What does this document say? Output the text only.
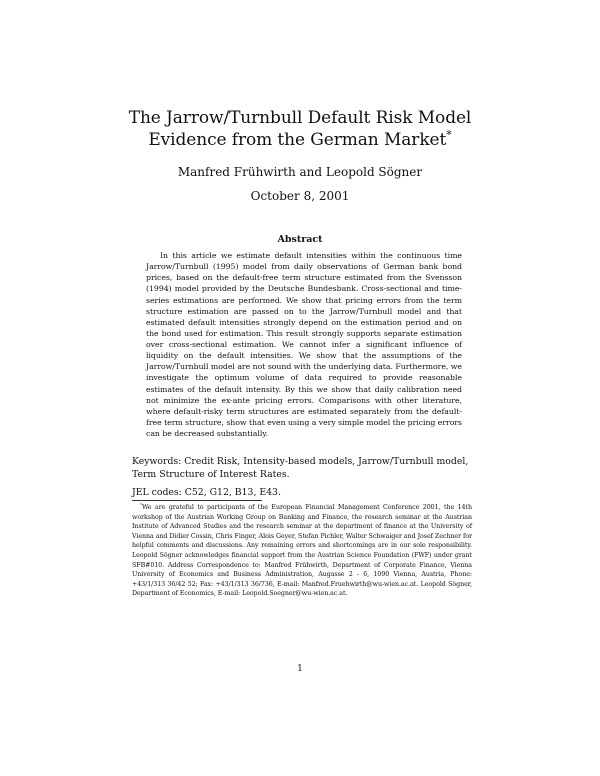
The Jarrow/Turnbull Default Risk Model
Evidence from the German Market*
Manfred Frühwirth and Leopold Sögner
October 8, 2001
Abstract

In this article we estimate default intensities within the continuous time Jarrow/Turnbull (1995) model from daily observations of German bank bond prices, based on the default-free term structure estimated from the Svensson (1994) model provided by the Deutsche Bundesbank. Cross-sectional and time-series estimations are performed. We show that pricing errors from the term structure estimation are passed on to the Jarrow/Turnbull model and that estimated default intensities strongly depend on the estimation period and on the bond used for estimation. This result strongly supports separate estimation over cross-sectional estimation. We cannot infer a significant influence of liquidity on the default intensities. We show that the assumptions of the Jarrow/Turnbull model are not sound with the underlying data. Furthermore, we investigate the optimum volume of data required to provide reasonable estimates of the default intensity. By this we show that daily calibration need not minimize the ex-ante pricing errors. Comparisons with other literature, where default-risky term structures are estimated separately from the default-free term structure, show that even using a very simple model the pricing errors can be decreased substantially.

Keywords: Credit Risk, Intensity-based models, Jarrow/Turnbull model, Term Structure of Interest Rates.

JEL codes: C52, G12, B13, E43.

*We are grateful to participants of the European Financial Management Conference 2001, the 14th workshop of the Austrian Working Group on Banking and Finance, the research seminar at the Austrian Institute of Advanced Studies and the research seminar at the department of finance at the University of Vienna and Didier Cossin, Chris Finger, Alois Geyer, Stefan Pichler, Walter Schwaiger and Josef Zechner for helpful comments and discussions. Any remaining errors and shortcomings are in our sole responsibility. Leopold Sögner acknowledges financial support from the Austrian Science Foundation (FWF) under grant SFB#010. Address Correspondence to: Manfred Frühwirth, Department of Corporate Finance, Vienna University of Economics and Business Administration, Augasse 2 - 6, 1090 Vienna, Austria, Phone: +43/1/313 36/42 52; Fax: +43/1/313 36/736, E-mail: Manfred.Fruehwirth@wu-wien.ac.at. Leopold Sögner, Department of Economics, E-mail: Leopold.Soegner@wu-wien.ac.at.

1
